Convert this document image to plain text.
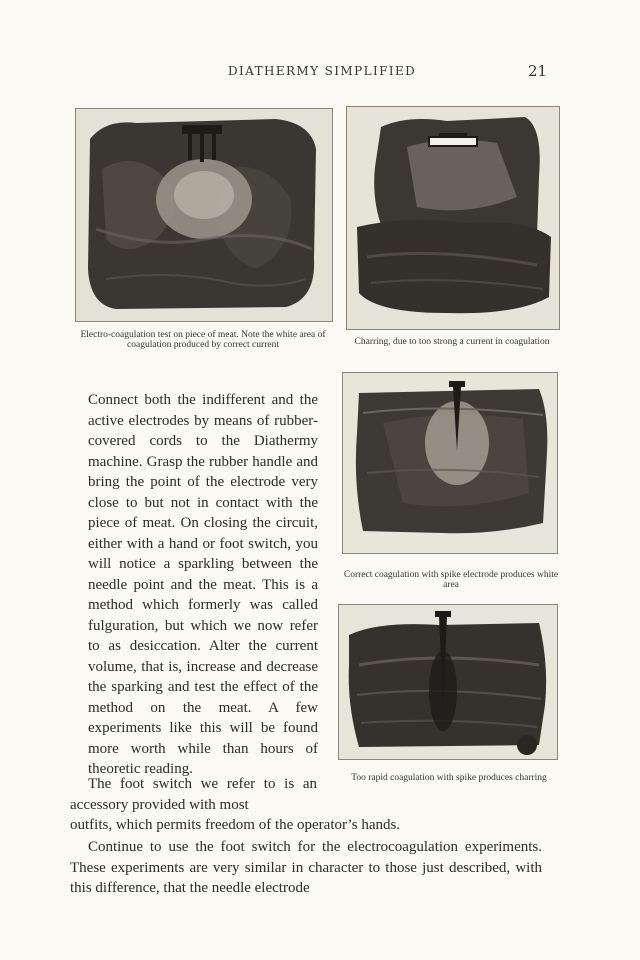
DIATHERMY SIMPLIFIED	21
Electro-coagulation test on piece of meat. Note the white area of coagulation produced by correct current	Charring, due to too strong a current in coagulation
Correct coagulation with spike electrode produces white area
Too rapid coagulation with spike produces charring

Connect both the indifferent and the active electrodes by means of rubber-covered cords to the Diathermy machine. Grasp the rubber handle and bring the point of the electrode very close to but not in contact with the piece of meat. On closing the circuit, either with a hand or foot switch, you will notice a sparkling between the needle point and the meat. This is a method which formerly was called fulguration, but which we now refer to as desiccation. Alter the current volume, that is, increase and decrease the sparking and test the effect of the method on the meat. A few experiments like this will be found more worth while than hours of theoretic reading.

The foot switch we refer to is an accessory provided with most

outfits, which permits freedom of the operator’s hands.

Continue to use the foot switch for the electrocoagulation experiments. These experiments are very similar in character to those just described, with this difference, that the needle electrode
